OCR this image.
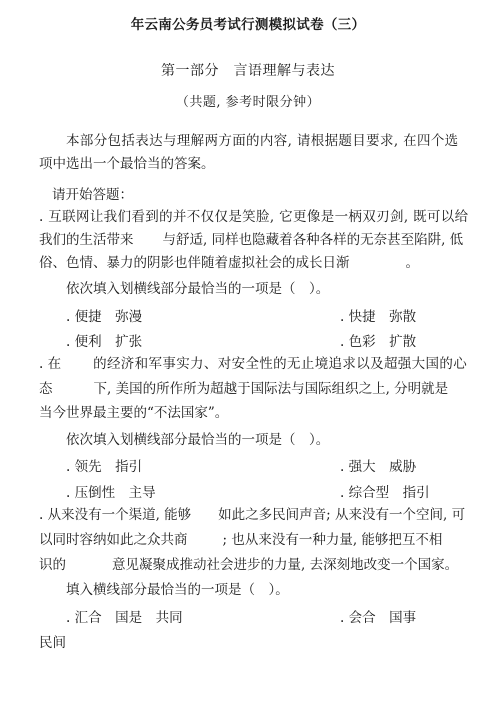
年云南公务员考试行测模拟试卷（三）
第一部分　言语理解与表达
（共题, 参考时限分钟）
本部分包括表达与理解两方面的内容, 请根据题目要求, 在四个选
项中选出一个最恰当的答案。
请开始答题：
. 互联网让我们看到的并不仅仅是笑脸, 它更像是一柄双刃剑, 既可以给
我们的生活带来 与舒适, 同样也隐藏着各种各样的无奈甚至陷阱, 低
俗、色情、暴力的阴影也伴随着虚拟社会的成长日渐	。
依次填入划横线部分最恰当的一项是（　）。
. 便捷　弥漫	. 快捷　弥散
. 便利　扩张	. 色彩　扩散
. 在 的经济和军事实力、对安全性的无止境追求以及超强大国的心
态	下, 美国的所作所为超越于国际法与国际组织之上, 分明就是
当今世界最主要的“不法国家”。
依次填入划横线部分最恰当的一项是（　）。
. 领先　指引	. 强大　威胁
. 压倒性　主导	. 综合型　指引
. 从来没有一个渠道, 能够 如此之多民间声音; 从来没有一个空间, 可
以同时容纳如此之众共商	; 也从来没有一种力量, 能够把互不相
识的	意见凝聚成推动社会进步的力量, 去深刻地改变一个国家。
填入横线部分最恰当的一项是（　）。
. 汇合　国是　共同	. 会合　国事
民间
